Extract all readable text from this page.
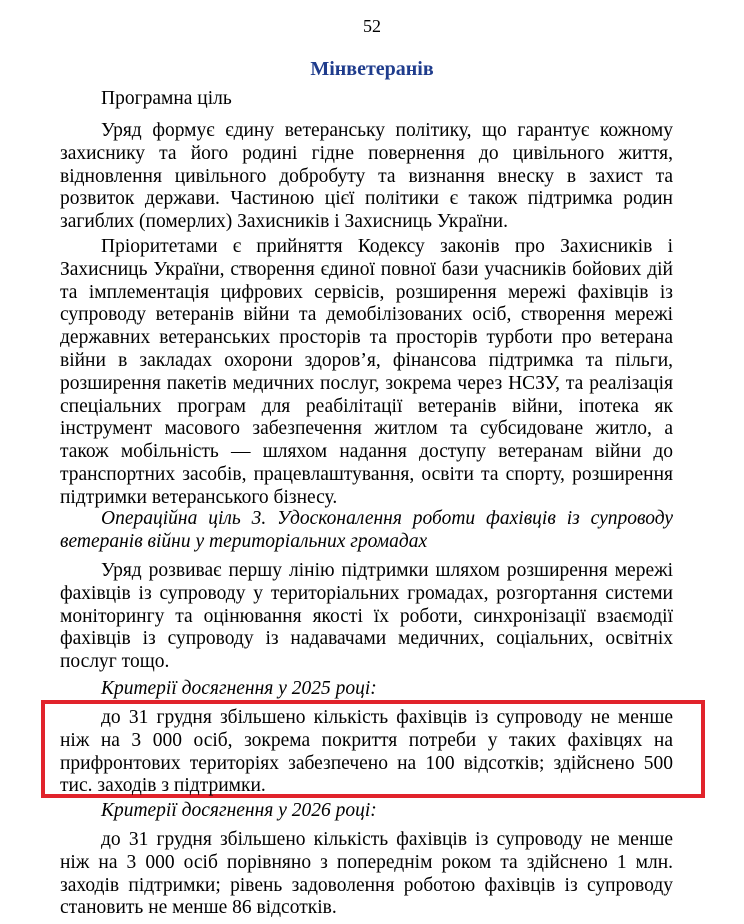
52
Мінветеранів
Програмна ціль
Уряд формує єдину ветеранську політику, що гарантує кожному захиснику та його родині гідне повернення до цивільного життя, відновлення цивільного добробуту та визнання внеску в захист та розвиток держави. Частиною цієї політики є також підтримка родин загиблих (померлих) Захисників і Захисниць України.
Пріоритетами є прийняття Кодексу законів про Захисників і Захисниць України, створення єдиної повної бази учасників бойових дій та імплементація цифрових сервісів, розширення мережі фахівців із супроводу ветеранів війни та демобілізованих осіб, створення мережі державних ветеранських просторів та просторів турботи про ветерана війни в закладах охорони здоров’я, фінансова підтримка та пільги, розширення пакетів медичних послуг, зокрема через НСЗУ, та реалізація спеціальних програм для реабілітації ветеранів війни, іпотека як інструмент масового забезпечення житлом та субсидоване житло, а також мобільність — шляхом надання доступу ветеранам війни до транспортних засобів, працевлаштування, освіти та спорту, розширення підтримки ветеранського бізнесу.
Операційна ціль 3. Удосконалення роботи фахівців із супроводу ветеранів війни у територіальних громадах
Уряд розвиває першу лінію підтримки шляхом розширення мережі фахівців із супроводу у територіальних громадах, розгортання системи моніторингу та оцінювання якості їх роботи, синхронізації взаємодії фахівців із супроводу із надавачами медичних, соціальних, освітніх послуг тощо.
Критерії досягнення у 2025 році:
до 31 грудня збільшено кількість фахівців із супроводу не менше ніж на 3 000 осіб, зокрема покриття потреби у таких фахівцях на прифронтових територіях забезпечено на 100 відсотків; здійснено 500 тис. заходів з підтримки.
Критерії досягнення у 2026 році:
до 31 грудня збільшено кількість фахівців із супроводу не менше ніж на 3 000 осіб порівняно з попереднім роком та здійснено 1 млн. заходів підтримки; рівень задоволення роботою фахівців із супроводу становить не менше 86 відсотків.
